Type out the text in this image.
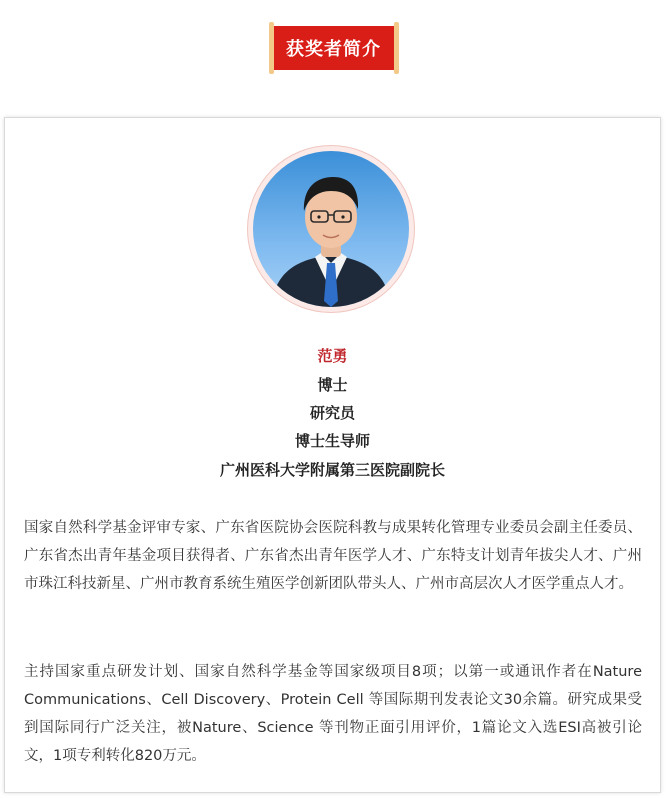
获奖者简介
范勇
博士
研究员
博士生导师
广州医科大学附属第三医院副院长

国家自然科学基金评审专家、广东省医院协会医院科教与成果转化管理专业委员会副主任委员、广东省杰出青年基金项目获得者、广东省杰出青年医学人才、广东特支计划青年拔尖人才、广州市珠江科技新星、广州市教育系统生殖医学创新团队带头人、广州市高层次人才医学重点人才。

主持国家重点研发计划、国家自然科学基金等国家级项目8项；以第一或通讯作者在Nature Communications、Cell Discovery、Protein Cell 等国际期刊发表论文30余篇。研究成果受到国际同行广泛关注，被Nature、Science 等刊物正面引用评价，1篇论文入选ESI高被引论文，1项专利转化820万元。
